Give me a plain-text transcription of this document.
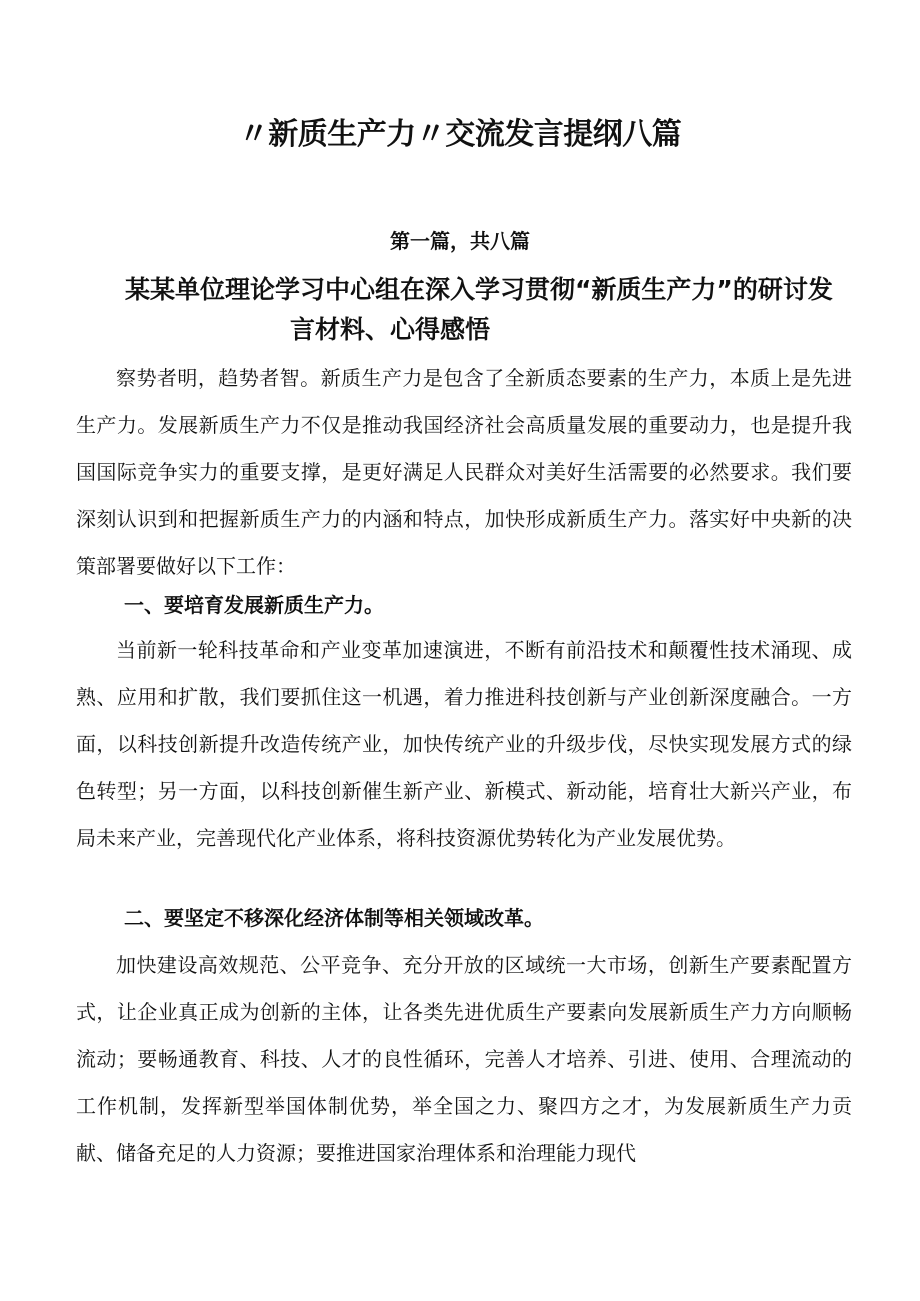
〃新质生产力〃交流发言提纲八篇
第一篇，共八篇
某某单位理论学习中心组在深入学习贯彻“新质生产力”的研讨发
言材料、心得感悟

察势者明，趋势者智。新质生产力是包含了全新质态要素的生产力，本质上是先进生产力。发展新质生产力不仅是推动我国经济社会高质量发展的重要动力，也是提升我国国际竞争实力的重要支撑，是更好满足人民群众对美好生活需要的必然要求。我们要深刻认识到和把握新质生产力的内涵和特点，加快形成新质生产力。落实好中央新的决策部署要做好以下工作：

一、要培育发展新质生产力。

当前新一轮科技革命和产业变革加速演进，不断有前沿技术和颠覆性技术涌现、成熟、应用和扩散，我们要抓住这一机遇，着力推进科技创新与产业创新深度融合。一方面，以科技创新提升改造传统产业，加快传统产业的升级步伐，尽快实现发展方式的绿色转型；另一方面，以科技创新催生新产业、新模式、新动能，培育壮大新兴产业，布局未来产业，完善现代化产业体系，将科技资源优势转化为产业发展优势。

二、要坚定不移深化经济体制等相关领域改革。

加快建设高效规范、公平竞争、充分开放的区域统一大市场，创新生产要素配置方式，让企业真正成为创新的主体，让各类先进优质生产要素向发展新质生产力方向顺畅流动；要畅通教育、科技、人才的良性循环，完善人才培养、引进、使用、合理流动的工作机制，发挥新型举国体制优势，举全国之力、聚四方之才，为发展新质生产力贡献、储备充足的人力资源；要推进国家治理体系和治理能力现代
